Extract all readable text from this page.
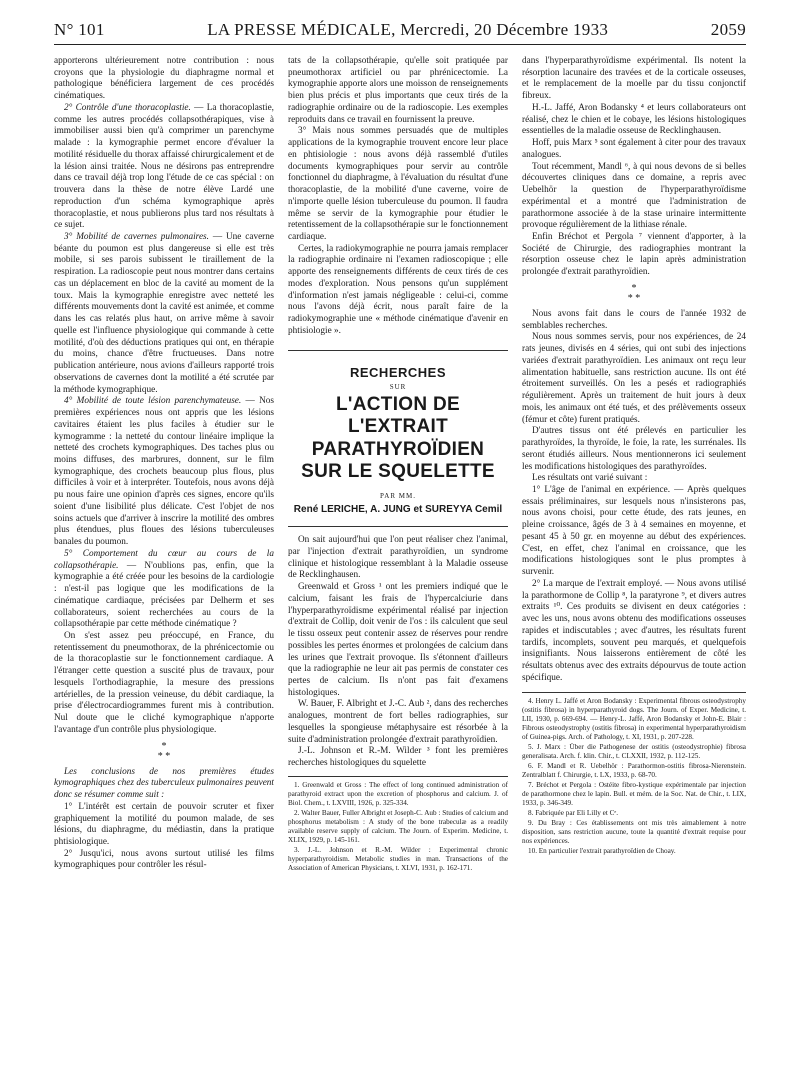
N° 101	LA PRESSE MÉDICALE, Mercredi, 20 Décembre 1933	2059

apporterons ultérieurement notre contribution : nous croyons que la physiologie du diaphragme normal et pathologique bénéficiera largement de ces procédés cinématiques.

2° Contrôle d'une thoracoplastie. — La thoracoplastie, comme les autres procédés collapsothérapiques, vise à immobiliser aussi bien qu'à comprimer un parenchyme malade : la kymographie permet encore d'évaluer la motilité résiduelle du thorax affaissé chirurgicalement et de la lésion ainsi traitée. Nous ne désirons pas entreprendre dans ce travail déjà trop long l'étude de ce cas spécial : on trouvera dans la thèse de notre élève Lardé une reproduction d'un schéma kymographique après thoracoplastie, et nous publierons plus tard nos résultats à ce sujet.

3° Mobilité de cavernes pulmonaires. — Une caverne béante du poumon est plus dangereuse si elle est très mobile, si ses parois subissent le tiraillement de la respiration. La radioscopie peut nous montrer dans certains cas un déplacement en bloc de la cavité au moment de la toux. Mais la kymographie enregistre avec netteté les différents mouvements dont la cavité est animée, et comme dans les cas relatés plus haut, on arrive même à savoir quelle est l'influence physiologique qui commande à cette motilité, d'où des déductions pratiques qui ont, en thérapie du moins, chance d'être fructueuses. Dans notre publication antérieure, nous avions d'ailleurs rapporté trois observations de cavernes dont la motilité a été scrutée par la méthode kymographique.

4° Mobilité de toute lésion parenchymateuse. — Nos premières expériences nous ont appris que les lésions cavitaires étaient les plus faciles à étudier sur le kymogramme : la netteté du contour linéaire implique la netteté des crochets kymographiques. Des taches plus ou moins diffuses, des marbrures, donnent, sur le film kymographique, des crochets beaucoup plus flous, plus difficiles à voir et à interpréter. Toutefois, nous avons déjà pu nous faire une opinion d'après ces signes, encore qu'ils soient d'une lisibilité plus délicate. C'est l'objet de nos soins actuels que d'arriver à inscrire la motilité des ombres plus étendues, plus floues des lésions tuberculeuses banales du poumon.

5° Comportement du cœur au cours de la collapsothérapie. — N'oublions pas, enfin, que la kymographie a été créée pour les besoins de la cardiologie : n'est-il pas logique que les modifications de la cinématique cardiaque, précisées par Delherm et ses collaborateurs, soient recherchées au cours de la collapsothérapie par cette méthode cinématique ?

On s'est assez peu préoccupé, en France, du retentissement du pneumothorax, de la phrénicectomie ou de la thoracoplastie sur le fonctionnement cardiaque. A l'étranger cette question a suscité plus de travaux, pour lesquels l'orthodiagraphie, la mesure des pressions artérielles, de la pression veineuse, du débit cardiaque, la prise d'électrocardiogrammes furent mis à contribution. Nul doute que le cliché kymographique n'apporte l'avantage d'un contrôle plus physiologique.

*
* *

Les conclusions de nos premières études kymographiques chez des tuberculeux pulmonaires peuvent donc se résumer comme suit :

1° L'intérêt est certain de pouvoir scruter et fixer graphiquement la motilité du poumon malade, de ses lésions, du diaphragme, du médiastin, dans la pratique phtisiologique.

2° Jusqu'ici, nous avons surtout utilisé les films kymographiques pour contrôler les résul-

tats de la collapsothérapie, qu'elle soit pratiquée par pneumothorax artificiel ou par phrénicectomie. La kymographie apporte alors une moisson de renseignements bien plus précis et plus importants que ceux tirés de la radiographie ordinaire ou de la radioscopie. Les exemples reproduits dans ce travail en fournissent la preuve.

3° Mais nous sommes persuadés que de multiples applications de la kymographie trouvent encore leur place en phtisiologie : nous avons déjà rassemblé d'utiles documents kymographiques pour servir au contrôle fonctionnel du diaphragme, à l'évaluation du résultat d'une thoracoplastie, de la mobilité d'une caverne, voire de n'importe quelle lésion tuberculeuse du poumon. Il faudra même se servir de la kymographie pour étudier le retentissement de la collapsothérapie sur le fonctionnement cardiaque.

Certes, la radiokymographie ne pourra jamais remplacer la radiographie ordinaire ni l'examen radioscopique ; elle apporte des renseignements différents de ceux tirés de ces modes d'exploration. Nous pensons qu'un supplément d'information n'est jamais négligeable : celui-ci, comme nous l'avons déjà écrit, nous paraît faire de la radiokymographie une « méthode cinématique d'avenir en phtisiologie ».

RECHERCHES
SUR
L'ACTION DE L'EXTRAIT
PARATHYROÏDIEN
SUR LE SQUELETTE
PAR MM.
René LERICHE, A. JUNG et SUREYYA Cemil

On sait aujourd'hui que l'on peut réaliser chez l'animal, par l'injection d'extrait parathyroïdien, un syndrome clinique et histologique ressemblant à la Maladie osseuse de Recklinghausen.

Greenwald et Gross ¹ ont les premiers indiqué que le calcium, faisant les frais de l'hypercalciurie dans l'hyperparathyroïdisme expérimental réalisé par injection d'extrait de Collip, doit venir de l'os : ils calculent que seul le tissu osseux peut contenir assez de réserves pour rendre possibles les pertes énormes et prolongées de calcium dans les urines que l'extrait provoque. Ils s'étonnent d'ailleurs que la radiographie ne leur ait pas permis de constater ces pertes de calcium. Ils n'ont pas fait d'examens histologiques.

W. Bauer, F. Albright et J.-C. Aub ², dans des recherches analogues, montrent de fort belles radiographies, sur lesquelles la spongieuse métaphysaire est résorbée à la suite d'administration prolongée d'extrait parathyroïdien.

J.-L. Johnson et R.-M. Wilder ³ font les premières recherches histologiques du squelette

1. Greenwald et Gross : The effect of long continued administration of parathyroid extract upon the excretion of phosphorus and calcium. J. of Biol. Chem., t. LXVIII, 1926, p. 325-334.
2. Walter Bauer, Fuller Albright et Joseph-C. Aub : Studies of calcium and phosphorus metabolism : A study of the bone trabeculæ as a readily available reserve supply of calcium. The Journ. of Experim. Medicine, t. XLIX, 1929, p. 145-161.
3. J.-L. Johnson et R.-M. Wilder : Experimental chronic hyperparathyroidism. Metabolic studies in man. Transactions of the Association of American Physicians, t. XLVI, 1931, p. 162-171.

dans l'hyperparathyroïdisme expérimental. Ils notent la résorption lacunaire des travées et de la corticale osseuses, et le remplacement de la moelle par du tissu conjonctif fibreux.

H.-L. Jaffé, Aron Bodansky ⁴ et leurs collaborateurs ont réalisé, chez le chien et le cobaye, les lésions histologiques essentielles de la maladie osseuse de Recklinghausen.

Hoff, puis Marx ⁵ sont également à citer pour des travaux analogues.

Tout récemment, Mandl ⁶, à qui nous devons de si belles découvertes cliniques dans ce domaine, a repris avec Uebelhör la question de l'hyperparathyroïdisme expérimental et a montré que l'administration de parathormone associée à de la stase urinaire intermittente provoque régulièrement de la lithiase rénale.

Enfin Bréchot et Pergola ⁷ viennent d'apporter, à la Société de Chirurgie, des radiographies montrant la résorption osseuse chez le lapin après administration prolongée d'extrait parathyroïdien.

*
* *

Nous avons fait dans le cours de l'année 1932 de semblables recherches.

Nous nous sommes servis, pour nos expériences, de 24 rats jeunes, divisés en 4 séries, qui ont subi des injections variées d'extrait parathyroïdien. Les animaux ont reçu leur alimentation habituelle, sans restriction aucune. Ils ont été étroitement surveillés. On les a pesés et radiographiés régulièrement. Après un traitement de huit jours à deux mois, les animaux ont été tués, et des prélèvements osseux (fémur et côte) furent pratiqués.

D'autres tissus ont été prélevés en particulier les parathyroïdes, la thyroïde, le foie, la rate, les surrénales. Ils seront étudiés ailleurs. Nous mentionnerons ici seulement les modifications histologiques des parathyroïdes.

Les résultats ont varié suivant :

1° L'âge de l'animal en expérience. — Après quelques essais préliminaires, sur lesquels nous n'insisterons pas, nous avons choisi, pour cette étude, des rats jeunes, en pleine croissance, âgés de 3 à 4 semaines en moyenne, et pesant 45 à 50 gr. en moyenne au début des expériences. C'est, en effet, chez l'animal en croissance, que les modifications histologiques sont le plus promptes à survenir.

2° La marque de l'extrait employé. — Nous avons utilisé la parathormone de Collip ⁸, la paratyrone ⁹, et divers autres extraits ¹⁰. Ces produits se divisent en deux catégories : avec les uns, nous avons obtenu des modifications osseuses rapides et indiscutables ; avec d'autres, les résultats furent tardifs, incomplets, souvent peu marqués, et quelquefois insignifiants. Nous laisserons entièrement de côté les résultats obtenus avec des extraits dépourvus de toute action spécifique.

4. Henry L. Jaffé et Aron Bodansky : Experimental fibrous osteodystrophy (ostitis fibrosa) in hyperparathyroid dogs. The Journ. of Exper. Medicine, t. LII, 1930, p. 669-694. — Henry-L. Jaffé, Aron Bodansky et John-E. Blair : Fibrous osteodystrophy (ostitis fibrosa) in experimental hyperparathyroidism of Guinea-pigs. Arch. of Pathology, t. XI, 1931, p. 207-228.
5. J. Marx : Über die Pathogenese der ostitis (osteodystrophie) fibrosa generalisata. Arch. f. klin. Chir., t. CLXXII, 1932, p. 112-125.
6. F. Mandl et R. Uebelhör : Parathormon-ostitis fibrosa-Nierenstein. Zentralblatt f. Chirurgie, t. LX, 1933, p. 68-70.
7. Bréchot et Pergola : Ostéite fibro-kystique expérimentale par injection de parathormone chez le lapin. Bull. et mém. de la Soc. Nat. de Chir., t. LIX, 1933, p. 346-349.
8. Fabriquée par Eli Lilly et Cᵉ.
9. Du Bray : Ces établissements ont mis très aimablement à notre disposition, sans restriction aucune, toute la quantité d'extrait requise pour nos expériences.
10. En particulier l'extrait parathyroïdien de Choay.
